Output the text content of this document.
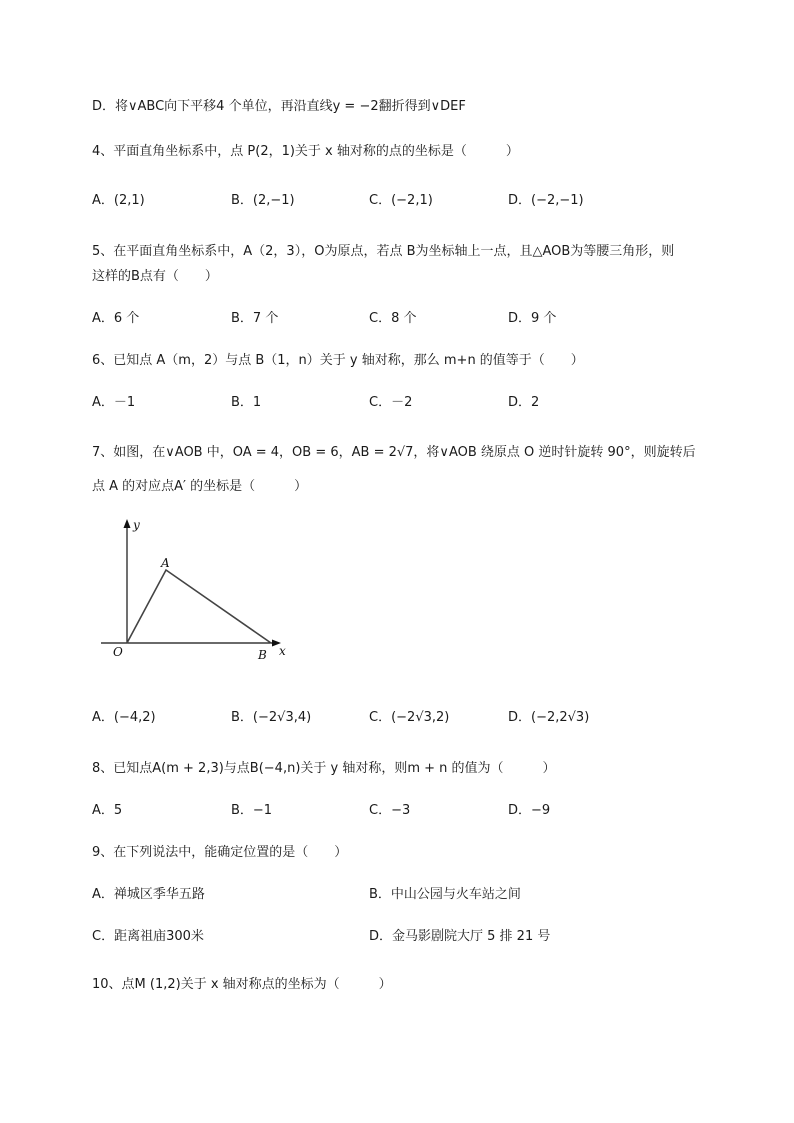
D．将∨ABC向下平移4 个单位，再沿直线y = −2翻折得到∨DEF
4、平面直角坐标系中，点 P(2，1)关于 x 轴对称的点的坐标是（　　　）
A．(2,1)	B．(2,−1)	C．(−2,1)	D．(−2,−1)
5、在平面直角坐标系中，A（2，3），O为原点，若点 B为坐标轴上一点，且△AOB为等腰三角形，则
这样的B点有（　　）
A．6 个	B．7 个	C．8 个	D．9 个
6、已知点 A（m，2）与点 B（1，n）关于 y 轴对称，那么 m+n 的值等于（　　）
A．－1	B．1	C．－2	D．2
7、如图，在∨AOB 中，OA = 4，OB = 6，AB = 2√7，将∨AOB 绕原点 O 逆时针旋转 90°，则旋转后
点 A 的对应点A′ 的坐标是（　　　）
y
A
O	B x
A．(−4,2)	B．(−2√3,4)	C．(−2√3,2)	D．(−2,2√3)
8、已知点A(m + 2,3)与点B(−4,n)关于 y 轴对称，则m + n 的值为（　　　）
A．5	B．−1	C．−3	D．−9
9、在下列说法中，能确定位置的是（　　）
A．禅城区季华五路	B．中山公园与火车站之间
C．距离祖庙300米	D．金马影剧院大厅 5 排 21 号
10、点M (1,2)关于 x 轴对称点的坐标为（　　　）
